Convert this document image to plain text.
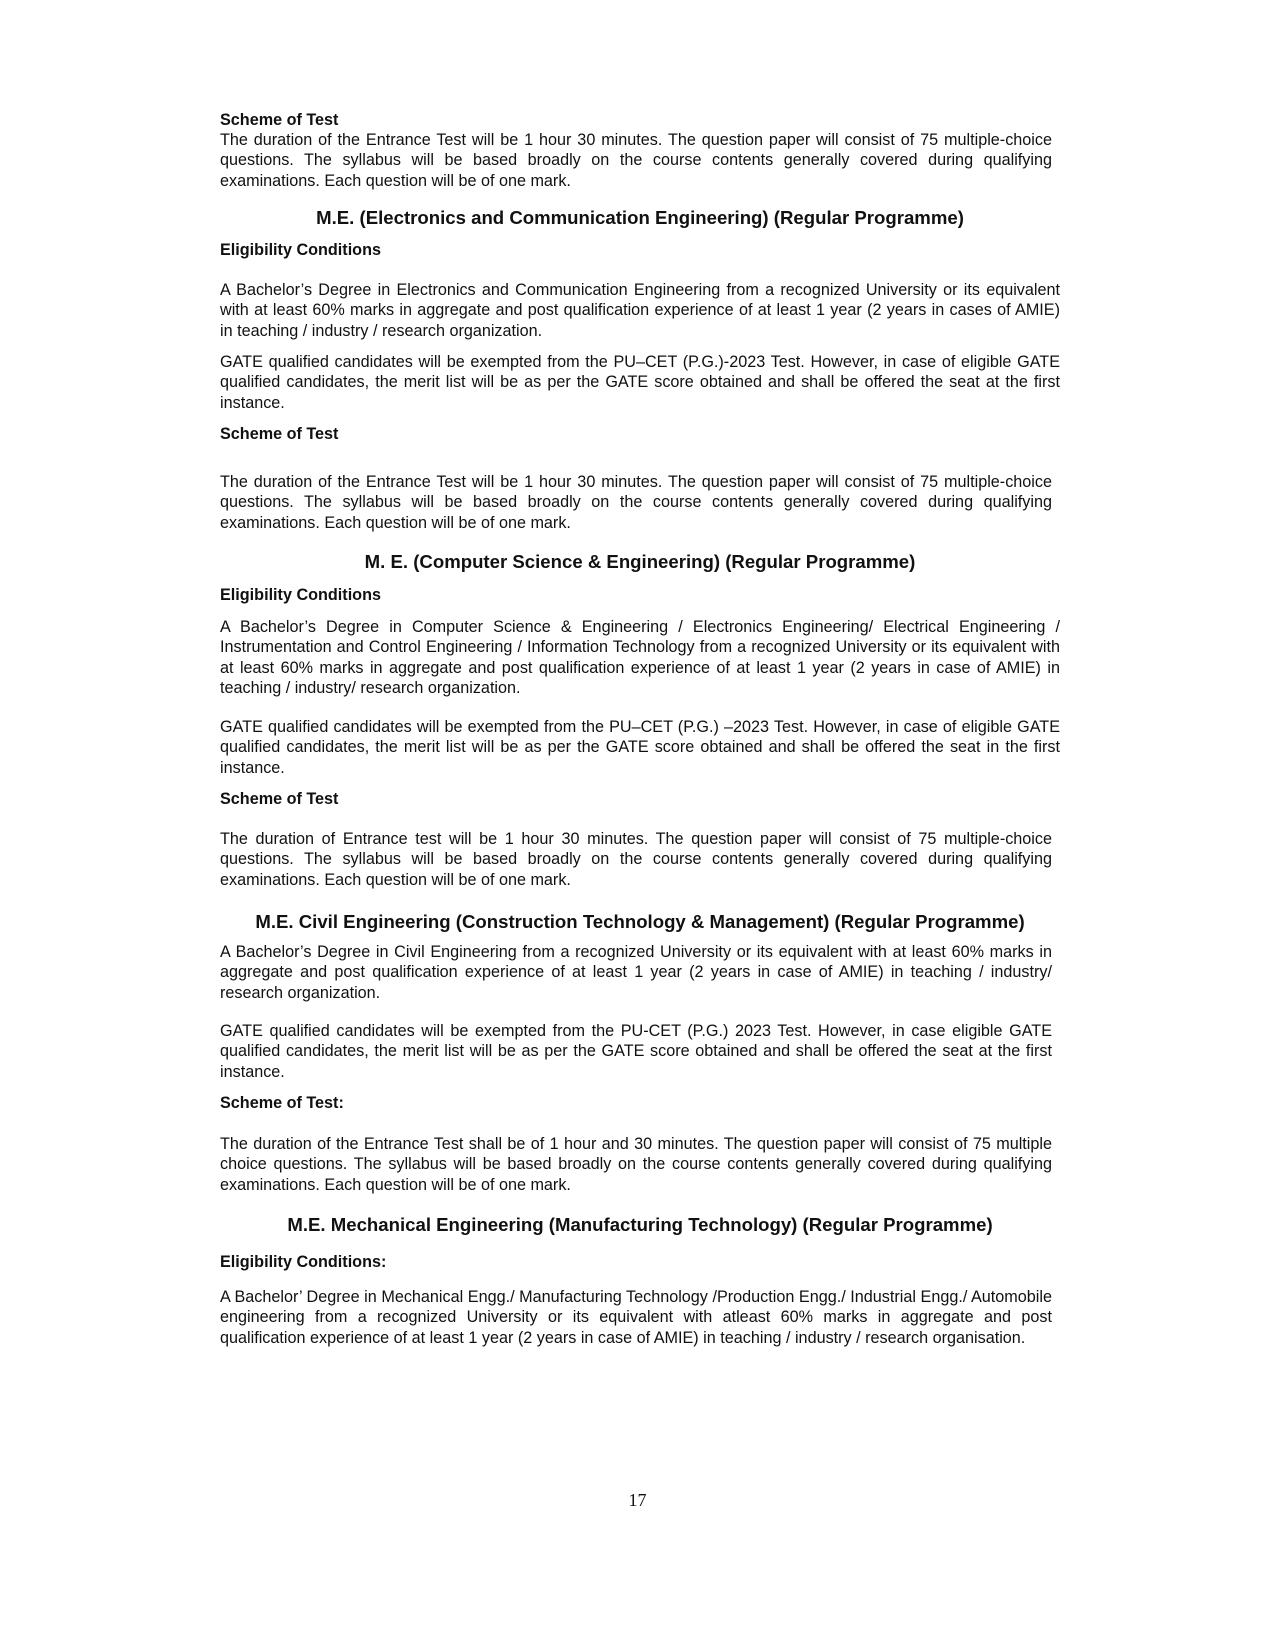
Scheme of Test
The duration of the Entrance Test will be 1 hour 30 minutes. The question paper will consist of 75 multiple-choice questions. The syllabus will be based broadly on the course contents generally covered during qualifying examinations. Each question will be of one mark.
M.E. (Electronics and Communication Engineering) (Regular Programme)
Eligibility Conditions
A Bachelor’s Degree in Electronics and Communication Engineering from a recognized University or its equivalent with at least 60% marks in aggregate and post qualification experience of at least 1 year (2 years in cases of AMIE) in teaching / industry / research organization.
GATE qualified candidates will be exempted from the PU–CET (P.G.)-2023 Test. However, in case of eligible GATE qualified candidates, the merit list will be as per the GATE score obtained and shall be offered the seat at the first instance.
Scheme of Test
The duration of the Entrance Test will be 1 hour 30 minutes. The question paper will consist of 75 multiple-choice questions. The syllabus will be based broadly on the course contents generally covered during qualifying examinations. Each question will be of one mark.
M. E. (Computer Science & Engineering) (Regular Programme)
Eligibility Conditions
A Bachelor’s Degree in Computer Science & Engineering / Electronics Engineering/ Electrical Engineering / Instrumentation and Control Engineering / Information Technology from a recognized University or its equivalent with at least 60% marks in aggregate and post qualification experience of at least 1 year (2 years in case of AMIE) in teaching / industry/ research organization.
GATE qualified candidates will be exempted from the PU–CET (P.G.) –2023 Test. However, in case of eligible GATE qualified candidates, the merit list will be as per the GATE score obtained and shall be offered the seat in the first instance.
Scheme of Test
The duration of Entrance test will be 1 hour 30 minutes. The question paper will consist of 75 multiple-choice questions. The syllabus will be based broadly on the course contents generally covered during qualifying examinations. Each question will be of one mark.
M.E. Civil Engineering (Construction Technology & Management) (Regular Programme)
A Bachelor’s Degree in Civil Engineering from a recognized University or its equivalent with at least 60% marks in aggregate and post qualification experience of at least 1 year (2 years in case of AMIE) in teaching / industry/ research organization.
GATE qualified candidates will be exempted from the PU-CET (P.G.) 2023 Test. However, in case eligible GATE qualified candidates, the merit list will be as per the GATE score obtained and shall be offered the seat at the first instance.
Scheme of Test:
The duration of the Entrance Test shall be of 1 hour and 30 minutes. The question paper will consist of 75 multiple choice questions. The syllabus will be based broadly on the course contents generally covered during qualifying examinations. Each question will be of one mark.
M.E. Mechanical Engineering (Manufacturing Technology) (Regular Programme)
Eligibility Conditions:
A Bachelor’ Degree in Mechanical Engg./ Manufacturing Technology /Production Engg./ Industrial Engg./ Automobile engineering from a recognized University or its equivalent with atleast 60% marks in aggregate and post qualification experience of at least 1 year (2 years in case of AMIE) in teaching / industry / research organisation.
17
